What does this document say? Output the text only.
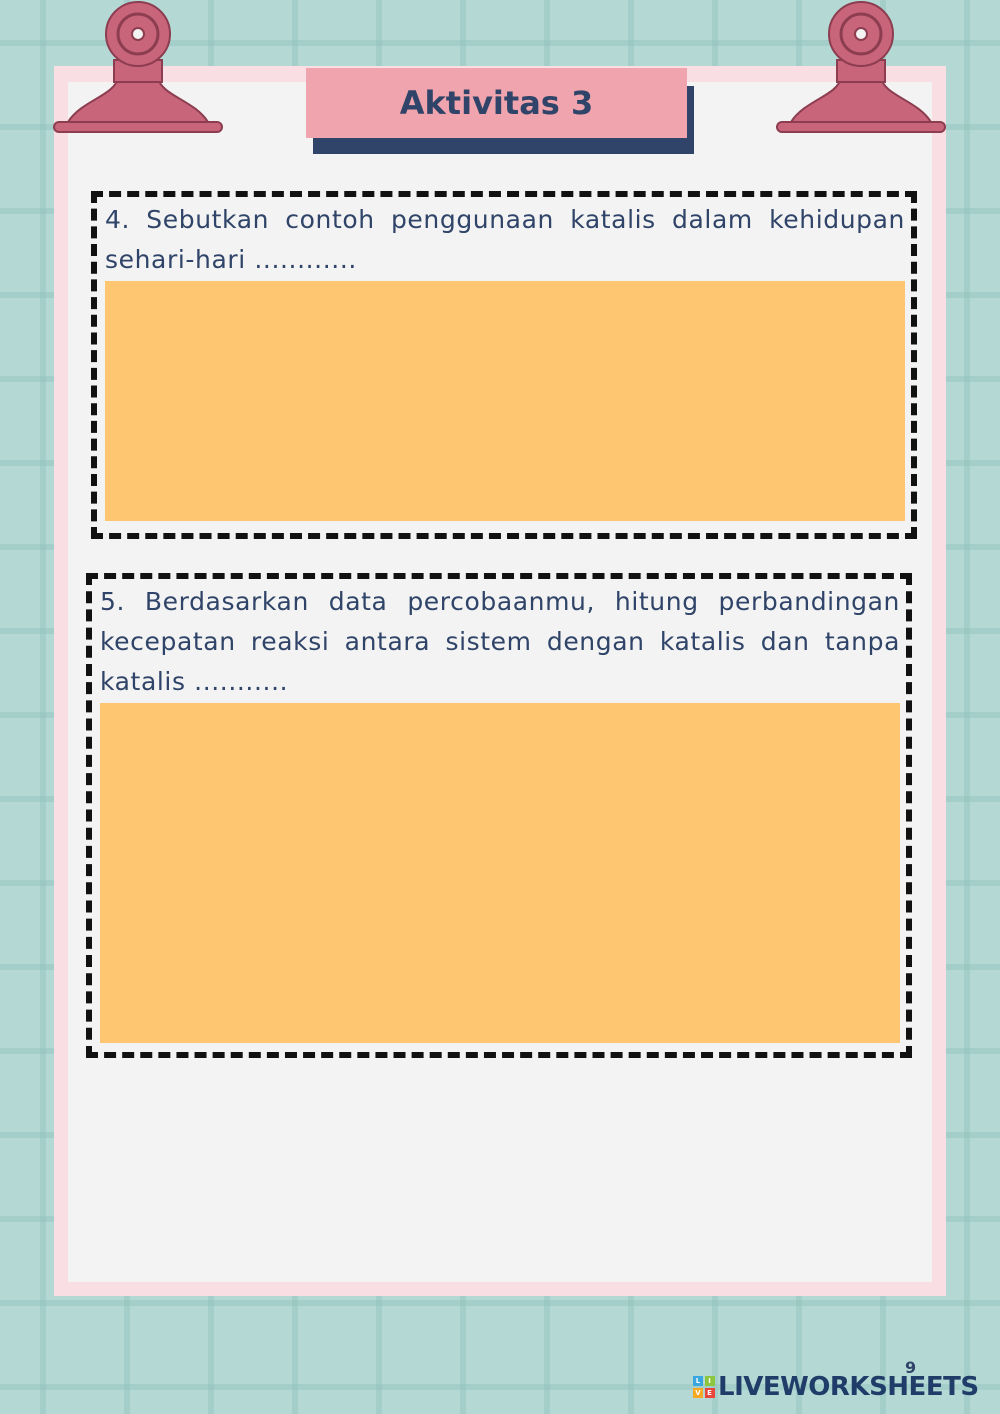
Aktivitas 3
4. Sebutkan contoh penggunaan katalis dalam kehidupan sehari-hari ............
5. Berdasarkan data percobaanmu, hitung perbandingan kecepatan reaksi antara sistem dengan katalis dan tanpa katalis ...........
9
L	I
V E LIVEWORKSHEETS
